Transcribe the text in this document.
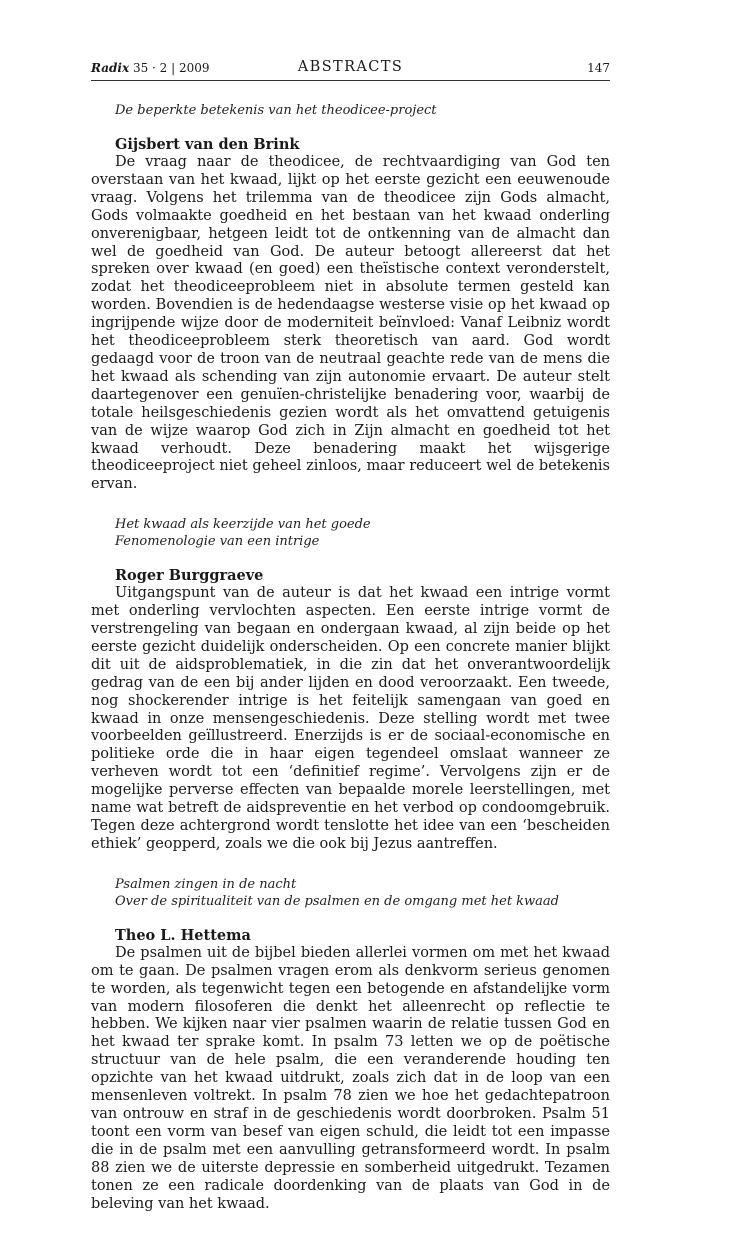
Radix 35 · 2 | 2009	ABSTRACTS	147
De beperkte betekenis van het theodicee-project
Gijsbert van den Brink

De vraag naar de theodicee, de rechtvaardiging van God ten overstaan van het kwaad, lijkt op het eerste gezicht een eeuwenoude vraag. Volgens het trilemma van de theodicee zijn Gods almacht, Gods volmaakte goedheid en het bestaan van het kwaad onderling onverenigbaar, hetgeen leidt tot de ontkenning van de almacht dan wel de goedheid van God. De auteur betoogt allereerst dat het spreken over kwaad (en goed) een theïstische context veronderstelt, zodat het theodiceeprobleem niet in absolute termen gesteld kan worden. Bovendien is de hedendaagse westerse visie op het kwaad op ingrijpende wijze door de moderniteit beïnvloed: Vanaf Leibniz wordt het theodiceeprobleem sterk theoretisch van aard. God wordt gedaagd voor de troon van de neutraal geachte rede van de mens die het kwaad als schending van zijn autonomie ervaart. De auteur stelt daartegenover een genuïen-christelijke benadering voor, waarbij de totale heilsgeschiedenis gezien wordt als het omvattend getuigenis van de wijze waarop God zich in Zijn almacht en goedheid tot het kwaad verhoudt. Deze benadering maakt het wijsgerige theodiceeproject niet geheel zinloos, maar reduceert wel de betekenis ervan.

Het kwaad als keerzijde van het goede
Fenomenologie van een intrige
Roger Burggraeve

Uitgangspunt van de auteur is dat het kwaad een intrige vormt met onderling vervlochten aspecten. Een eerste intrige vormt de verstrengeling van begaan en ondergaan kwaad, al zijn beide op het eerste gezicht duidelijk onderscheiden. Op een concrete manier blijkt dit uit de aidsproblematiek, in die zin dat het onverantwoordelijk gedrag van de een bij ander lijden en dood veroorzaakt. Een tweede, nog shockerender intrige is het feitelijk samengaan van goed en kwaad in onze mensengeschiedenis. Deze stelling wordt met twee voorbeelden geïllustreerd. Enerzijds is er de sociaal-economische en politieke orde die in haar eigen tegendeel omslaat wanneer ze verheven wordt tot een ‘definitief regime’. Vervolgens zijn er de mogelijke perverse effecten van bepaalde morele leerstellingen, met name wat betreft de aidspreventie en het verbod op condoomgebruik. Tegen deze achtergrond wordt tenslotte het idee van een ‘bescheiden ethiek’ geopperd, zoals we die ook bij Jezus aantreffen.

Psalmen zingen in de nacht
Over de spiritualiteit van de psalmen en de omgang met het kwaad
Theo L. Hettema

De psalmen uit de bijbel bieden allerlei vormen om met het kwaad om te gaan. De psalmen vragen erom als denkvorm serieus genomen te worden, als tegenwicht tegen een betogende en afstandelijke vorm van modern filosoferen die denkt het alleenrecht op reflectie te hebben. We kijken naar vier psalmen waarin de relatie tussen God en het kwaad ter sprake komt. In psalm 73 letten we op de poëtische structuur van de hele psalm, die een veranderende houding ten opzichte van het kwaad uitdrukt, zoals zich dat in de loop van een mensenleven voltrekt. In psalm 78 zien we hoe het gedachtepatroon van ontrouw en straf in de geschiedenis wordt doorbroken. Psalm 51 toont een vorm van besef van eigen schuld, die leidt tot een impasse die in de psalm met een aanvulling getransformeerd wordt. In psalm 88 zien we de uiterste depressie en somberheid uitgedrukt. Tezamen tonen ze een radicale doordenking van de plaats van God in de beleving van het kwaad.
